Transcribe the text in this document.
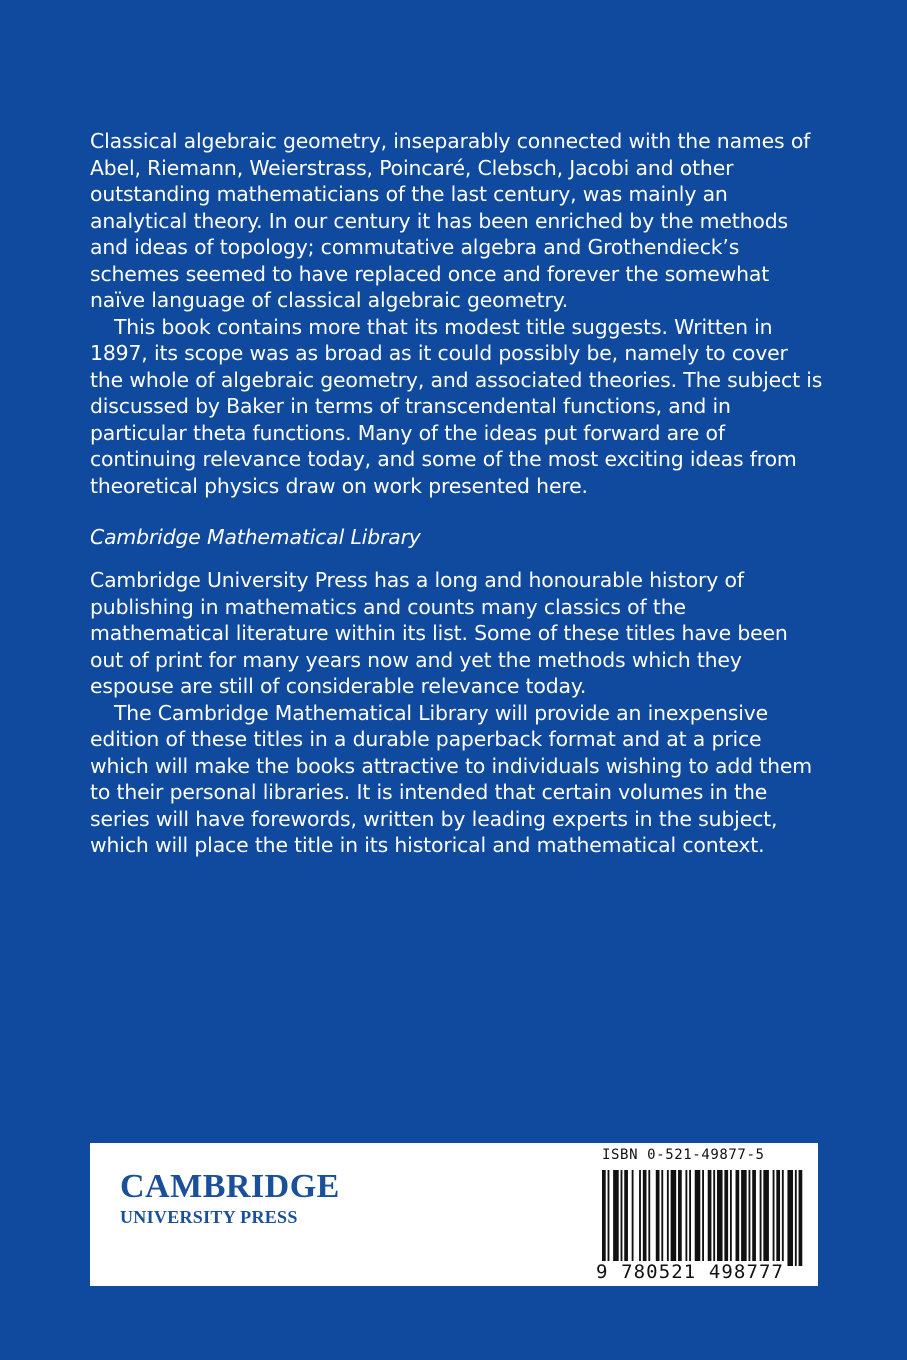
Classical algebraic geometry, inseparably connected with the names of Abel, Riemann, Weierstrass, Poincaré, Clebsch, Jacobi and other outstanding mathematicians of the last century, was mainly an analytical theory. In our century it has been enriched by the methods and ideas of topology; commutative algebra and Grothendieck’s schemes seemed to have replaced once and forever the somewhat naïve language of classical algebraic geometry.

This book contains more that its modest title suggests. Written in 1897, its scope was as broad as it could possibly be, namely to cover the whole of algebraic geometry, and associated theories. The subject is discussed by Baker in terms of transcendental functions, and in particular theta functions. Many of the ideas put forward are of continuing relevance today, and some of the most exciting ideas from theoretical physics draw on work presented here.

Cambridge Mathematical Library

Cambridge University Press has a long and honourable history of publishing in mathematics and counts many classics of the mathematical literature within its list. Some of these titles have been out of print for many years now and yet the methods which they espouse are still of considerable relevance today.

The Cambridge Mathematical Library will provide an inexpensive edition of these titles in a durable paperback format and at a price which will make the books attractive to individuals wishing to add them to their personal libraries. It is intended that certain volumes in the series will have forewords, written by leading experts in the subject, which will place the title in its historical and mathematical context.

CAMBRIDGE
UNIVERSITY PRESS
ISBN 0-521-49877-5
9 780521 498777
